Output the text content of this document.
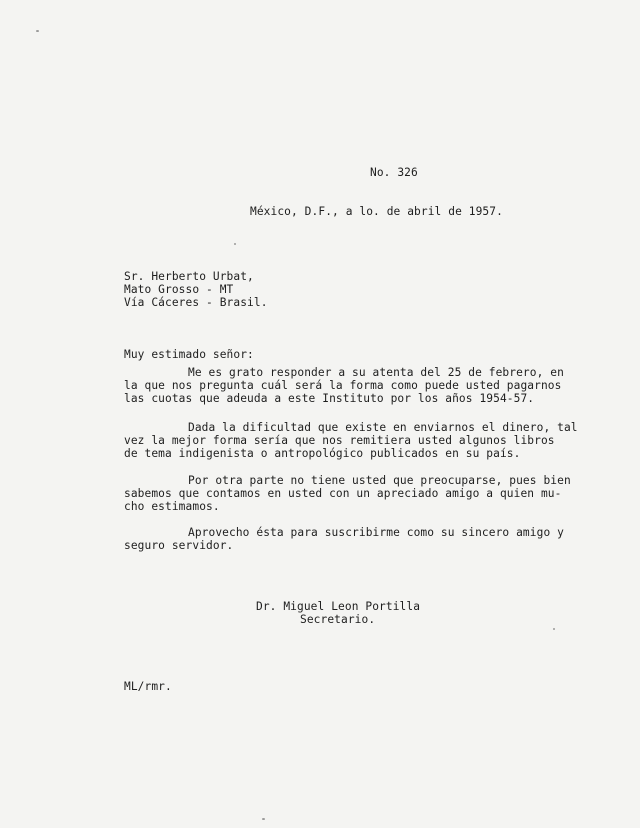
No. 326
México, D.F., a lo. de abril de 1957.
Sr. Herberto Urbat,
Mato Grosso - MT
Vía Cáceres - Brasil.
Muy estimado señor:
Me es grato responder a su atenta del 25 de febrero, en
la que nos pregunta cuál será la forma como puede usted pagarnos
las cuotas que adeuda a este Instituto por los años 1954-57.
Dada la dificultad que existe en enviarnos el dinero, tal
vez la mejor forma sería que nos remitiera usted algunos libros
de tema indigenista o antropológico publicados en su país.
Por otra parte no tiene usted que preocuparse, pues bien
sabemos que contamos en usted con un apreciado amigo a quien mu-
cho estimamos.
Aprovecho ésta para suscribirme como su sincero amigo y
seguro servidor.
Dr. Miguel Leon Portilla
Secretario.
ML/rmr.
